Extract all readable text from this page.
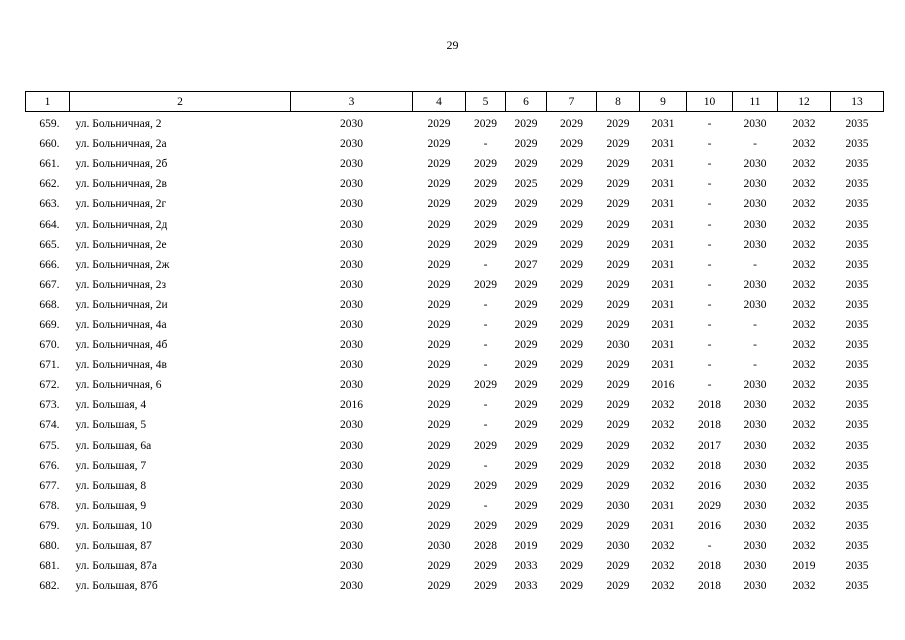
29
1	2	3	4	5	6	7	8	9	10	11	12	13
659.	ул. Больничная, 2	2030	2029	2029	2029	2029	2029	2031	-	2030	2032	2035
660.	ул. Больничная, 2а	2030	2029	-	2029	2029	2029	2031	-	-	2032	2035
661.	ул. Больничная, 2б	2030	2029	2029	2029	2029	2029	2031	-	2030	2032	2035
662.	ул. Больничная, 2в	2030	2029	2029	2025	2029	2029	2031	-	2030	2032	2035
663.	ул. Больничная, 2г	2030	2029	2029	2029	2029	2029	2031	-	2030	2032	2035
664.	ул. Больничная, 2д	2030	2029	2029	2029	2029	2029	2031	-	2030	2032	2035
665.	ул. Больничная, 2е	2030	2029	2029	2029	2029	2029	2031	-	2030	2032	2035
666.	ул. Больничная, 2ж	2030	2029	-	2027	2029	2029	2031	-	-	2032	2035
667.	ул. Больничная, 2з	2030	2029	2029	2029	2029	2029	2031	-	2030	2032	2035
668.	ул. Больничная, 2и	2030	2029	-	2029	2029	2029	2031	-	2030	2032	2035
669.	ул. Больничная, 4а	2030	2029	-	2029	2029	2029	2031	-	-	2032	2035
670.	ул. Больничная, 4б	2030	2029	-	2029	2029	2030	2031	-	-	2032	2035
671.	ул. Больничная, 4в	2030	2029	-	2029	2029	2029	2031	-	-	2032	2035
672.	ул. Больничная, 6	2030	2029	2029	2029	2029	2029	2016	-	2030	2032	2035
673.	ул. Большая, 4	2016	2029	-	2029	2029	2029	2032	2018	2030	2032	2035
674.	ул. Большая, 5	2030	2029	-	2029	2029	2029	2032	2018	2030	2032	2035
675.	ул. Большая, 6а	2030	2029	2029	2029	2029	2029	2032	2017	2030	2032	2035
676.	ул. Большая, 7	2030	2029	-	2029	2029	2029	2032	2018	2030	2032	2035
677.	ул. Большая, 8	2030	2029	2029	2029	2029	2029	2032	2016	2030	2032	2035
678.	ул. Большая, 9	2030	2029	-	2029	2029	2030	2031	2029	2030	2032	2035
679.	ул. Большая, 10	2030	2029	2029	2029	2029	2029	2031	2016	2030	2032	2035
680.	ул. Большая, 87	2030	2030	2028	2019	2029	2030	2032	-	2030	2032	2035
681.	ул. Большая, 87а	2030	2029	2029	2033	2029	2029	2032	2018	2030	2019	2035
682.	ул. Большая, 87б	2030	2029	2029	2033	2029	2029	2032	2018	2030	2032	2035
